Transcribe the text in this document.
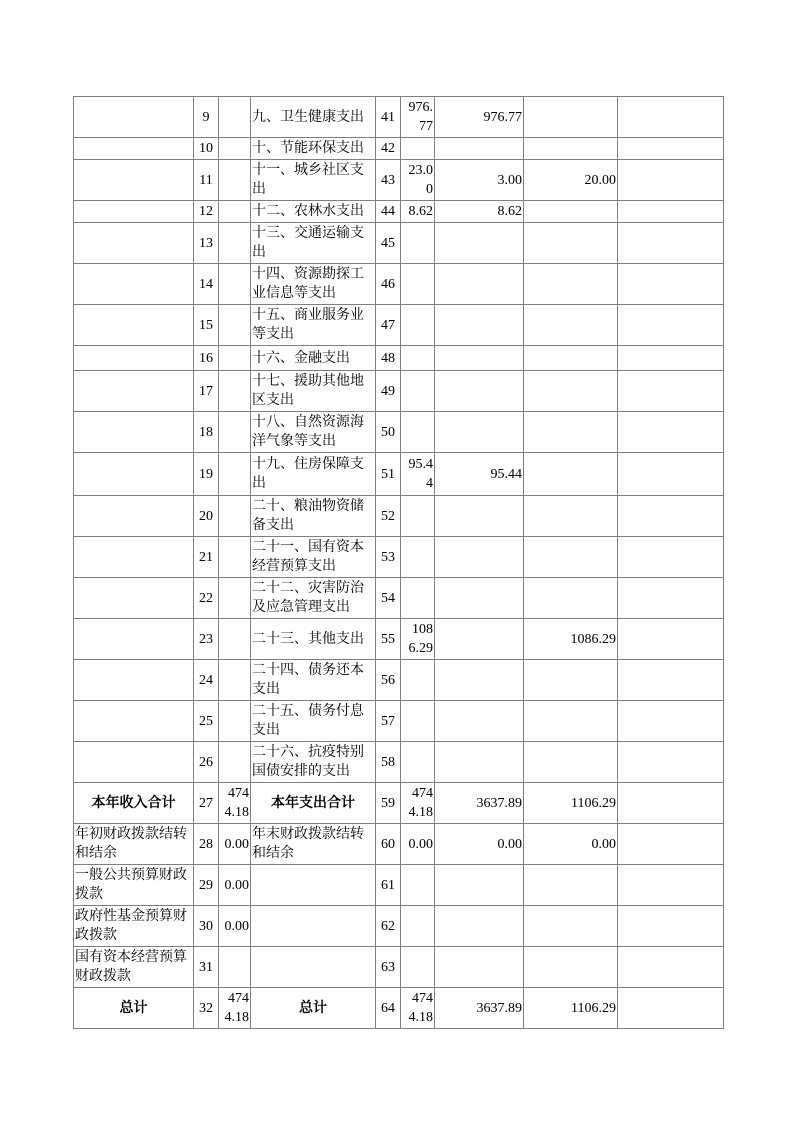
	9		九、卫生健康支出	41	976.77	976.77		
	10		十、节能环保支出	42				
	11		十一、城乡社区支出	43	23.00	3.00	20.00	
	12		十二、农林水支出	44	8.62	8.62		
	13		十三、交通运输支出	45				
	14		十四、资源勘探工业信息等支出	46				
	15		十五、商业服务业等支出	47				
	16		十六、金融支出	48				
	17		十七、援助其他地区支出	49				
	18		十八、自然资源海洋气象等支出	50				
	19		十九、住房保障支出	51	95.44	95.44		
	20		二十、粮油物资储备支出	52				
	21		二十一、国有资本经营预算支出	53				
	22		二十二、灾害防治及应急管理支出	54				
	23		二十三、其他支出	55	1086.29		1086.29	
	24		二十四、债务还本支出	56				
	25		二十五、债务付息支出	57				
	26		二十六、抗疫特别国债安排的支出	58				
本年收入合计	27	4744.18	本年支出合计	59	4744.18	3637.89	1106.29	
年初财政拨款结转和结余	28	0.00	年末财政拨款结转和结余	60	0.00	0.00	0.00	
一般公共预算财政拨款	29	0.00		61				
政府性基金预算财政拨款	30	0.00		62				
国有资本经营预算财政拨款	31			63				
总计	32	4744.18	总计	64	4744.18	3637.89	1106.29	
